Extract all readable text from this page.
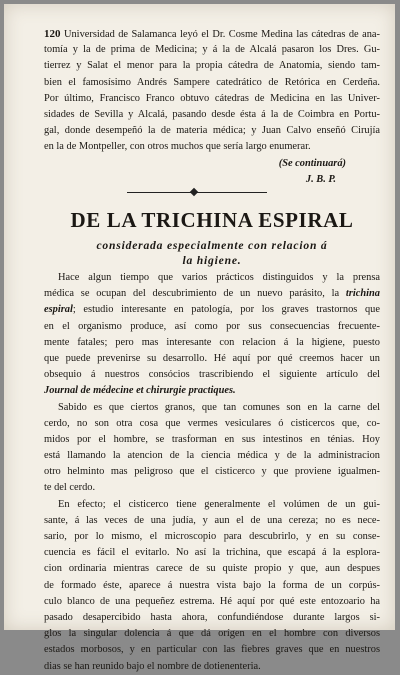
120 Universidad de Salamanca leyó el Dr. Cosme Medina las cátedras de ana-
tomía y la de prima de Medicina; y á la de Alcalá pasaron los Dres. Gu-
tierrez y Salat el menor para la propia cátedra de Anatomia, siendo tam-
bien el famosísimo Andrés Sampere catedrático de Retórica en Cerdeña.
Por último, Francisco Franco obtuvo cátedras de Medicina en las Univer-
sidades de Sevilla y Alcalá, pasando desde ésta á la de Coimbra en Portu-
gal, donde desempeñó la de materia médica; y Juan Calvo enseñó Cirujía
en la de Montpeller, con otros muchos que sería largo enumerar.
(Se continuará)
J. B. P.
DE LA TRICHINA ESPIRAL
considerada especialmente con relacion á
la higiene.
Hace algun tiempo que varios prácticos distinguidos y la prensa
médica se ocupan del descubrimiento de un nuevo parásito, la trichina
espiral; estudio interesante en patología, por los graves trastornos que
en el organismo produce, así como por sus consecuencias frecuente-
mente fatales; pero mas interesante con relacion á la higiene, puesto
que puede prevenirse su desarrollo. Hé aquí por qué creemos hacer un
obsequio á nuestros consócios trascribiendo el siguiente artículo del
Journal de médecine et chirurgie practiques.
Sabido es que ciertos granos, que tan comunes son en la carne del
cerdo, no son otra cosa que vermes vesiculares ó cisticercos que, co-
midos por el hombre, se trasforman en sus intestinos en ténias. Hoy
está llamando la atencion de la ciencia médica y de la administracion
otro helminto mas peligroso que el cisticerco y que proviene igualmen-
te del cerdo.
En efecto; el cisticerco tiene generalmente el volúmen de un gui-
sante, á las veces de una judía, y aun el de una cereza; no es nece-
sario, por lo mismo, el microscopio para descubrirlo, y en su conse-
cuencia es fácil el evitarlo. No así la trichina, que escapá á la esplora-
cion ordinaria mientras carece de su quiste propio y que, aun despues
de formado éste, aparece á nuestra vista bajo la forma de un corpús-
culo blanco de una pequeñez estrema. Hé aquí por qué este entozoario ha
pasado desapercibido hasta ahora, confundiéndose durante largos si-
glos la singular dolencia á que dá orígen en el hombre con diversos
estados morbosos, y en particular con las fiebres graves que en nuestros
dias se han reunido bajo el nombre de dotienenteria.
